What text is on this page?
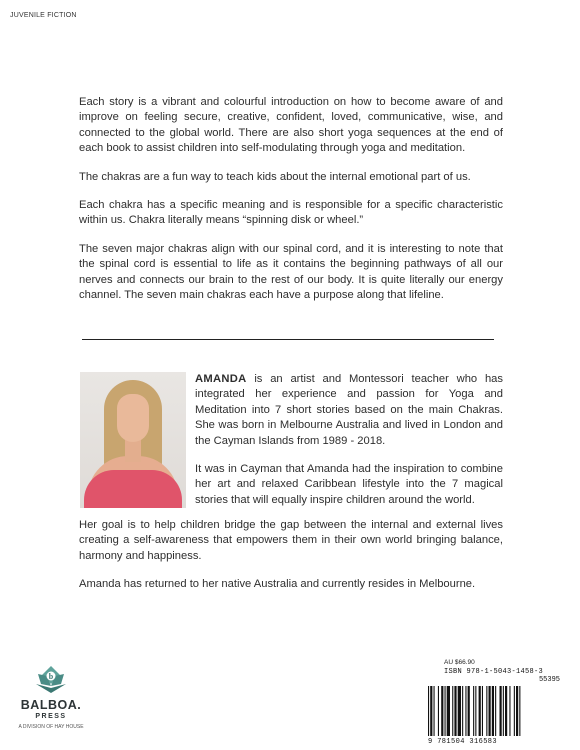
JUVENILE FICTION

Each story is a vibrant and colourful introduction on how to become aware of and improve on feeling secure, creative, confident, loved, communicative, wise, and connected to the global world. There are also short yoga sequences at the end of each book to assist children into self-modulating through yoga and meditation.

The chakras are a fun way to teach kids about the internal emotional part of us.

Each chakra has a specific meaning and is responsible for a specific characteristic within us. Chakra literally means “spinning disk or wheel.”

The seven major chakras align with our spinal cord, and it is interesting to note that the spinal cord is essential to life as it contains the beginning pathways of all our nerves and connects our brain to the rest of our body. It is quite literally our energy channel. The seven main chakras each have a purpose along that lifeline.

AMANDA is an artist and Montessori teacher who has integrated her experience and passion for Yoga and Meditation into 7 short stories based on the main Chakras. She was born in Melbourne Australia and lived in London and the Cayman Islands from 1989 - 2018.

It was in Cayman that Amanda had the inspiration to combine her art and relaxed Caribbean lifestyle into the 7 magical stories that will equally inspire children around the world.

Her goal is to help children bridge the gap between the internal and external lives creating a self-awareness that empowers them in their own world bringing balance, harmony and happiness.

Amanda has returned to her native Australia and currently resides in Melbourne.

b
BALBOA.
PRESS
A DIVISION OF HAY HOUSE
AU $66.90
ISBN 978-1-5043-1458-3
55395
9 781504 316583
